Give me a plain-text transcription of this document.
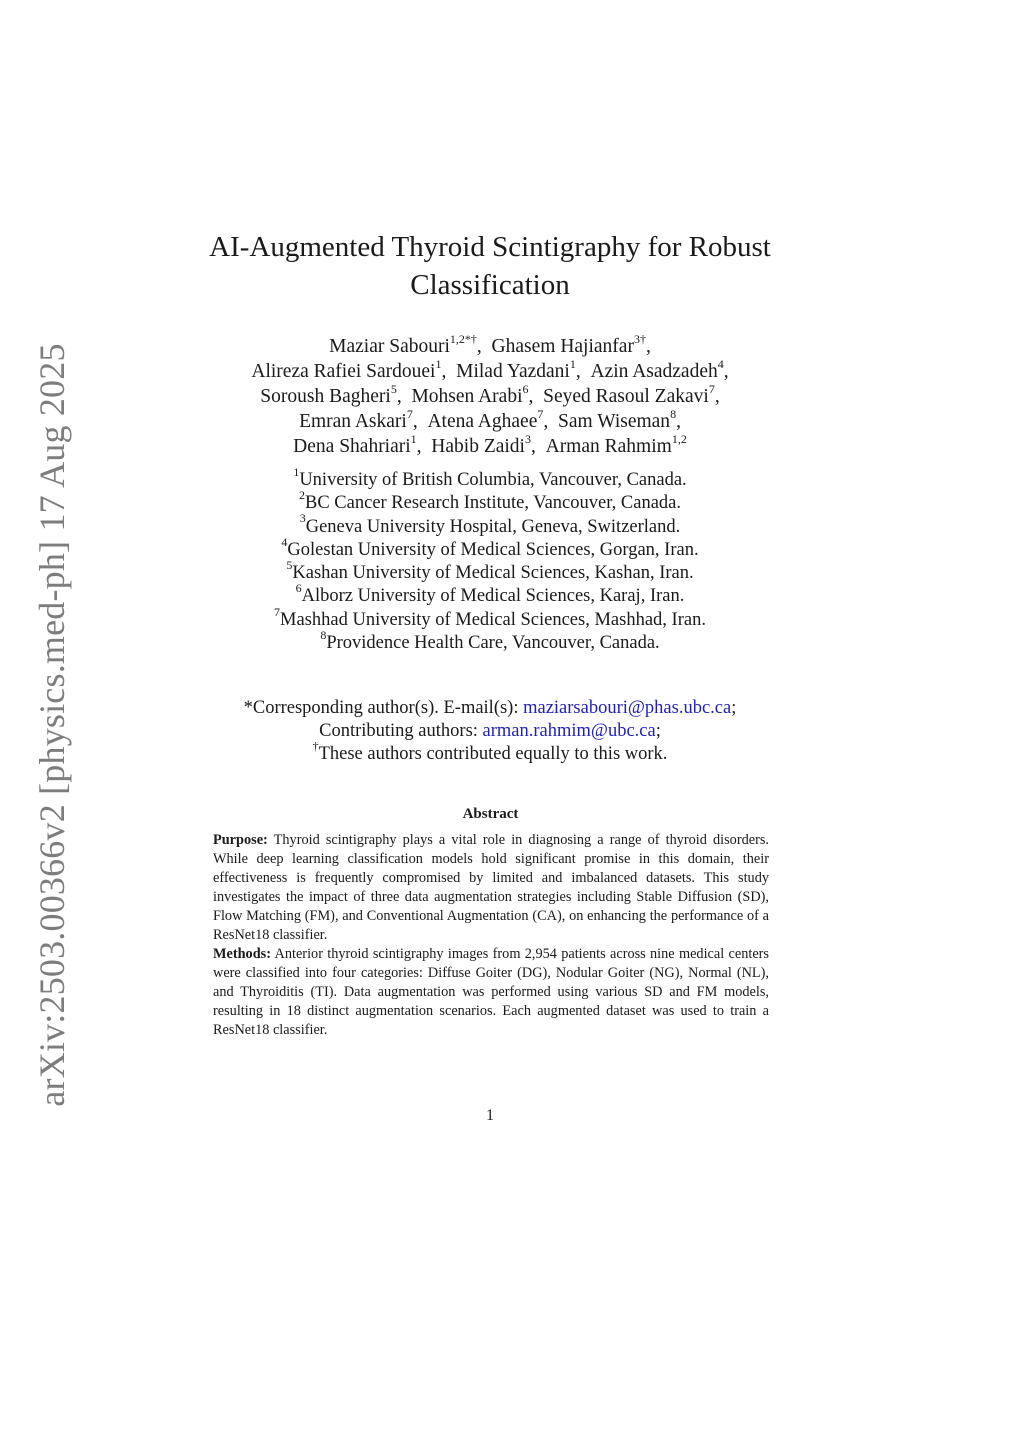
arXiv:2503.00366v2 [physics.med-ph] 17 Aug 2025
AI-Augmented Thyroid Scintigraphy for Robust
Classification
Maziar Sabouri$^{1,2*\dagger}$, Ghasem Hajianfar$^{3\dagger}$,
Alireza Rafiei Sardouei$^1$, Milad Yazdani$^1$, Azin Asadzadeh$^4$,
Soroush Bagheri$^5$, Mohsen Arabi$^6$, Seyed Rasoul Zakavi$^7$,
Emran Askari$^7$, Atena Aghaee$^7$, Sam Wiseman$^8$,
Dena Shahriari$^1$, Habib Zaidi$^3$, Arman Rahmim$^{1,2}$
$^1$University of British Columbia, Vancouver, Canada.
$^2$BC Cancer Research Institute, Vancouver, Canada.
$^3$Geneva University Hospital, Geneva, Switzerland.
$^4$Golestan University of Medical Sciences, Gorgan, Iran.
$^5$Kashan University of Medical Sciences, Kashan, Iran.
$^6$Alborz University of Medical Sciences, Karaj, Iran.
$^7$Mashhad University of Medical Sciences, Mashhad, Iran.
$^8$Providence Health Care, Vancouver, Canada.
*Corresponding author(s). E-mail(s): maziarsabouri@phas.ubc.ca;
Contributing authors: arman.rahmim@ubc.ca;
†These authors contributed equally to this work.
Abstract

Purpose: Thyroid scintigraphy plays a vital role in diagnosing a range of thyroid disorders. While deep learning classification models hold significant promise in this domain, their effectiveness is frequently compromised by limited and imbalanced datasets. This study investigates the impact of three data augmentation strategies including Stable Diffusion (SD), Flow Matching (FM), and Conventional Augmentation (CA), on enhancing the performance of a ResNet18 classifier.

Methods: Anterior thyroid scintigraphy images from 2,954 patients across nine medical centers were classified into four categories: Diffuse Goiter (DG), Nodular Goiter (NG), Normal (NL), and Thyroiditis (TI). Data augmentation was performed using various SD and FM models, resulting in 18 distinct augmentation scenarios. Each augmented dataset was used to train a ResNet18 classifier.

1
